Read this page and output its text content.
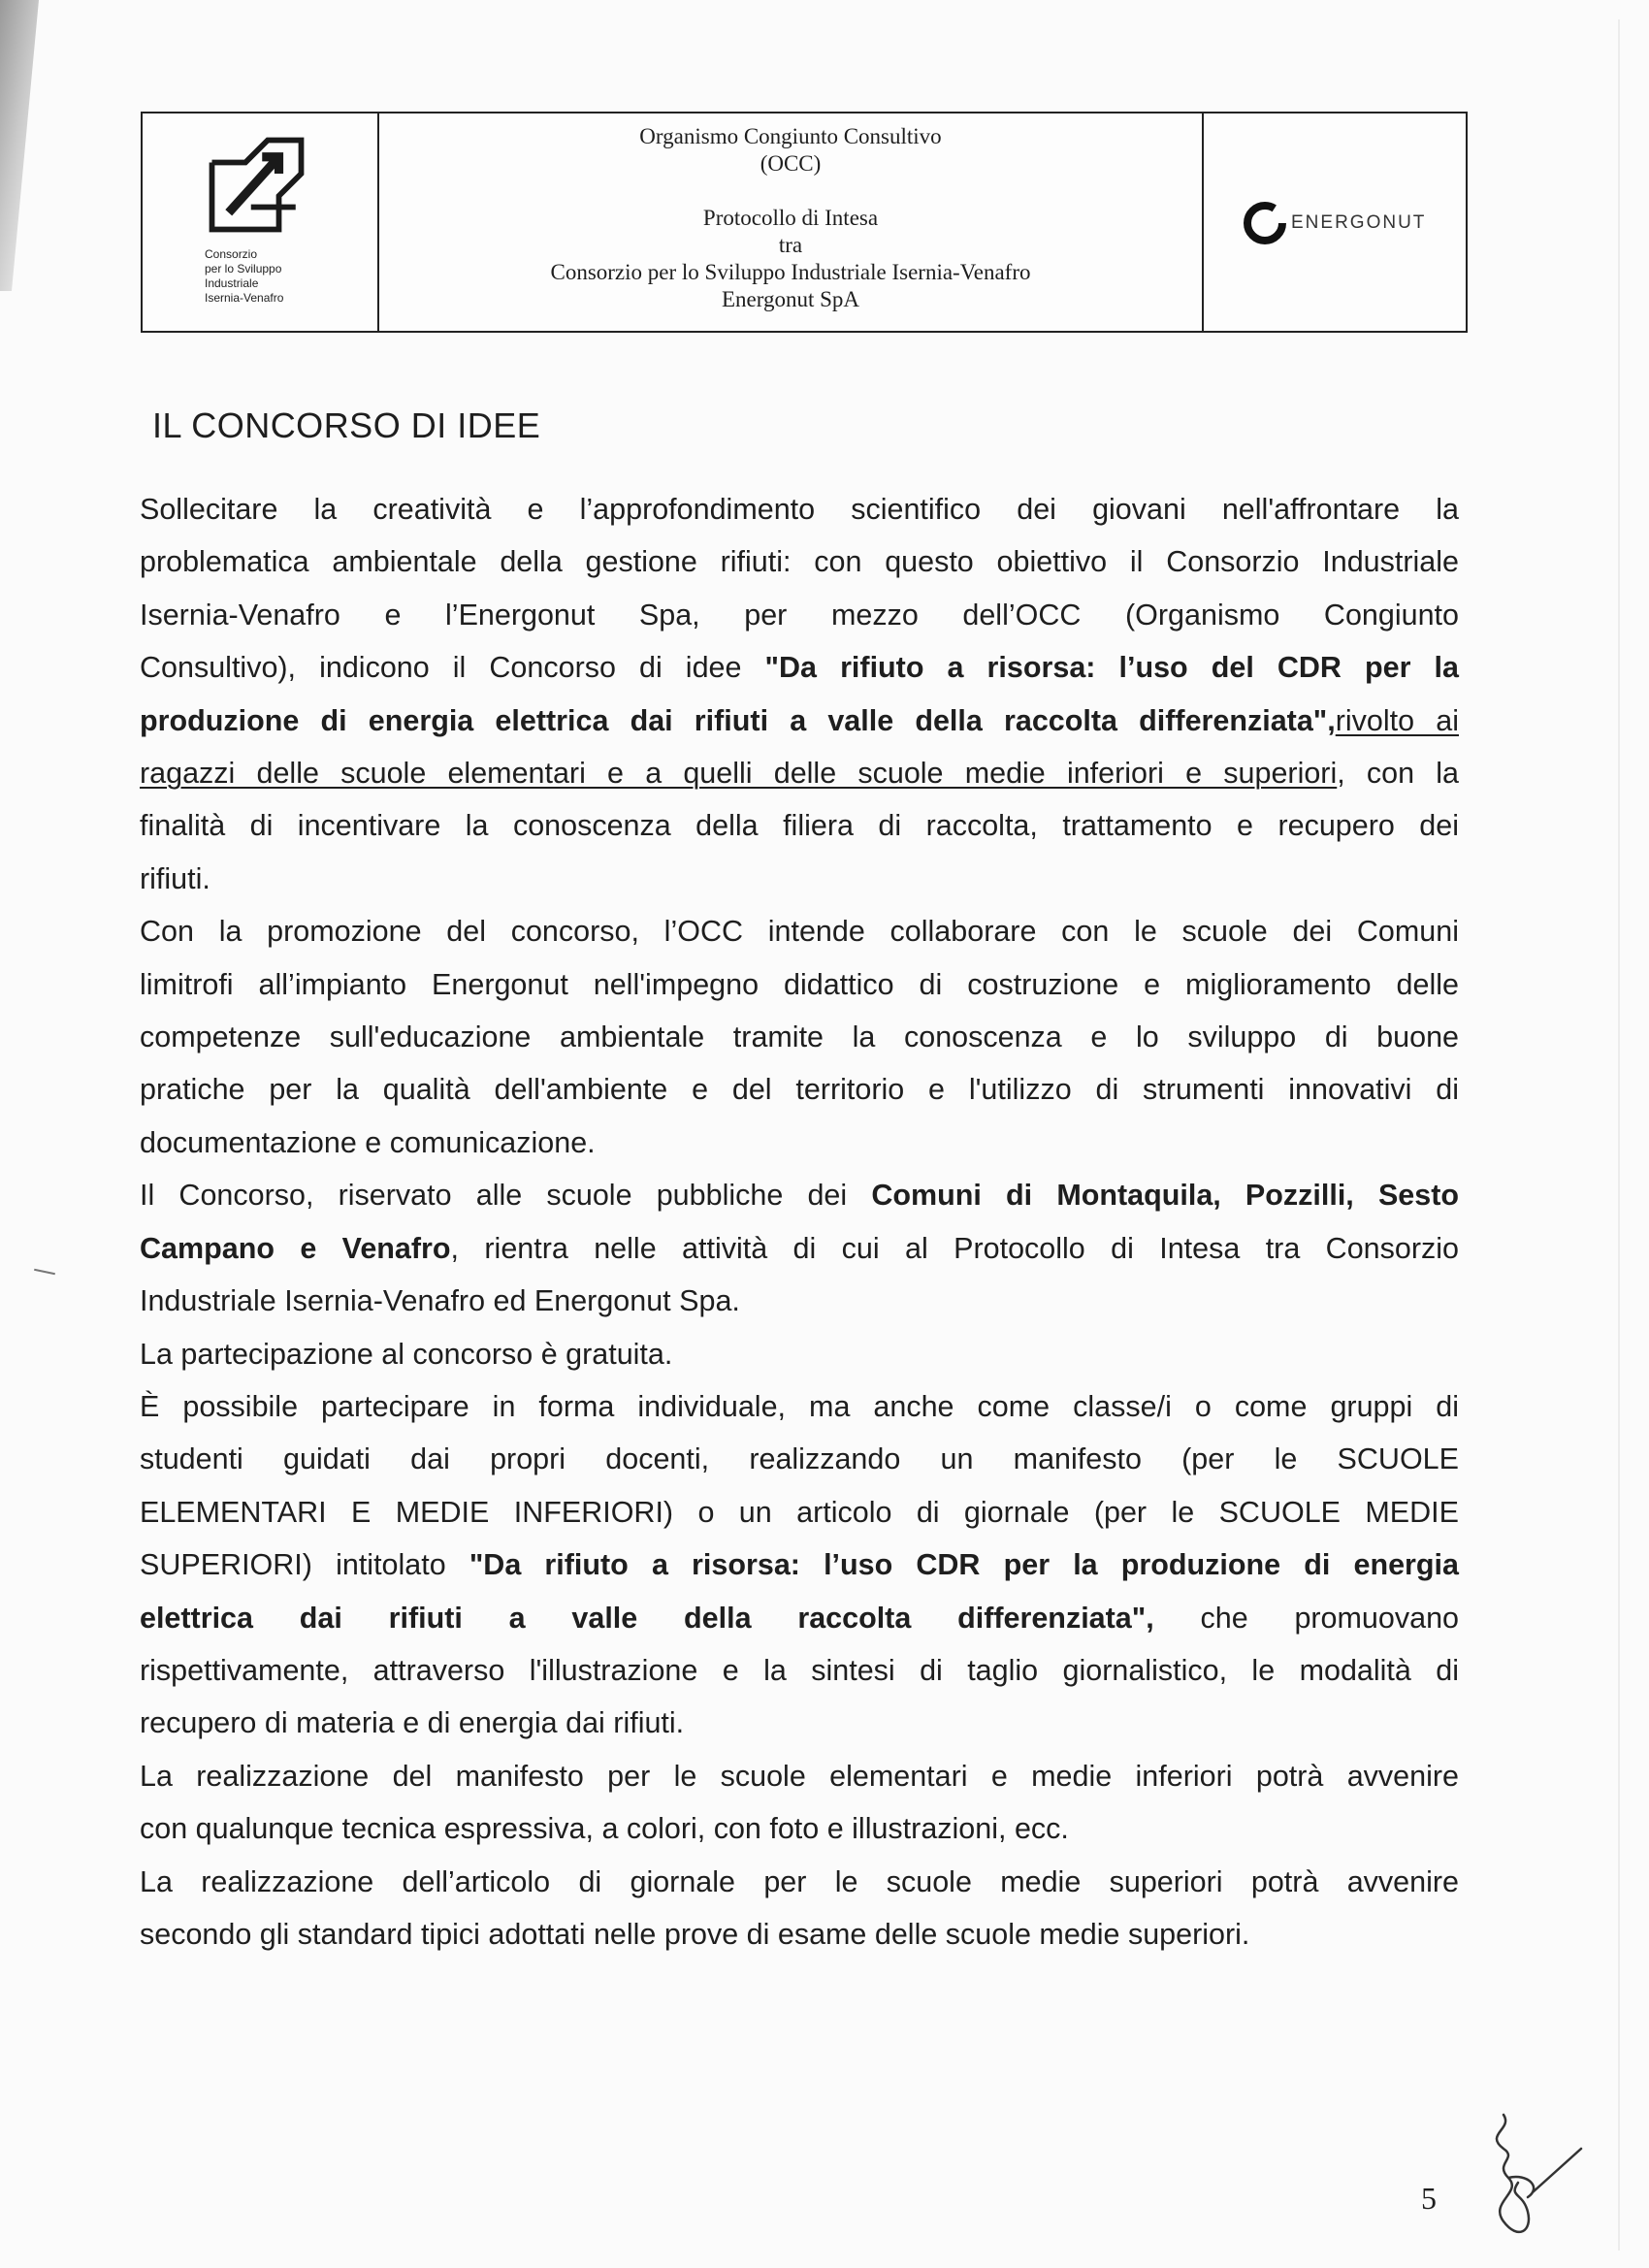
Consorzio
per lo Sviluppo
Industriale
Isernia-Venafro
Organismo Congiunto Consultivo
(OCC)
Protocollo di Intesa
tra
Consorzio per lo Sviluppo Industriale Isernia-Venafro
Energonut SpA
ENERGONUT
IL CONCORSO DI IDEE
Sollecitare la creatività e l’approfondimento scientifico dei giovani nell'affrontare la
problematica ambientale della gestione rifiuti: con questo obiettivo il Consorzio Industriale
Isernia-Venafro e l’Energonut Spa, per mezzo dell’OCC (Organismo Congiunto
Consultivo), indicono il Concorso di idee "Da rifiuto a risorsa: l’uso del CDR per la
produzione di energia elettrica dai rifiuti a valle della raccolta differenziata",rivolto ai
ragazzi delle scuole elementari e a quelli delle scuole medie inferiori e superiori, con la
finalità di incentivare la conoscenza della filiera di raccolta, trattamento e recupero dei
rifiuti.
Con la promozione del concorso, l’OCC intende collaborare con le scuole dei Comuni
limitrofi all’impianto Energonut nell'impegno didattico di costruzione e miglioramento delle
competenze sull'educazione ambientale tramite la conoscenza e lo sviluppo di buone
pratiche per la qualità dell'ambiente e del territorio e l'utilizzo di strumenti innovativi di
documentazione e comunicazione.
Il Concorso, riservato alle scuole pubbliche dei Comuni di Montaquila, Pozzilli, Sesto
Campano e Venafro, rientra nelle attività di cui al Protocollo di Intesa tra Consorzio
Industriale Isernia-Venafro ed Energonut Spa.
La partecipazione al concorso è gratuita.
È possibile partecipare in forma individuale, ma anche come classe/i o come gruppi di
studenti guidati dai propri docenti, realizzando un manifesto (per le SCUOLE
ELEMENTARI E MEDIE INFERIORI) o un articolo di giornale (per le SCUOLE MEDIE
SUPERIORI) intitolato "Da rifiuto a risorsa: l’uso CDR per la produzione di energia
elettrica dai rifiuti a valle della raccolta differenziata", che promuovano
rispettivamente, attraverso l'illustrazione e la sintesi di taglio giornalistico, le modalità di
recupero di materia e di energia dai rifiuti.
La realizzazione del manifesto per le scuole elementari e medie inferiori potrà avvenire
con qualunque tecnica espressiva, a colori, con foto e illustrazioni, ecc.
La realizzazione dell’articolo di giornale per le scuole medie superiori potrà avvenire
secondo gli standard tipici adottati nelle prove di esame delle scuole medie superiori.
5
